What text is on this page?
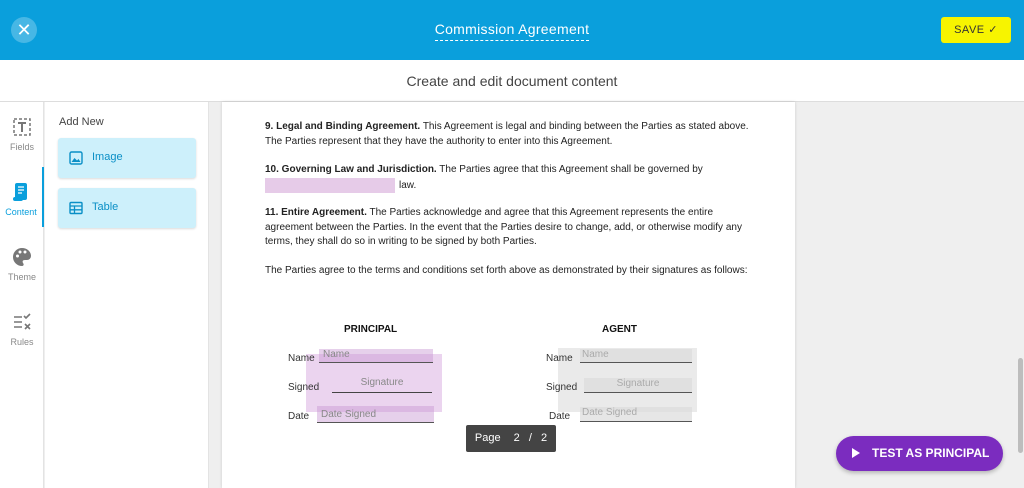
✕	Commission Agreement	SAVE ✓
Create and edit document content
Fields
Content
Theme
Rules
Add New
Image
Table
9. Legal and Binding Agreement. This Agreement is legal and binding between the Parties as stated above. The Parties represent that they have the authority to enter into this Agreement.
10. Governing Law and Jurisdiction. The Parties agree that this Agreement shall be governed by
law.
11. Entire Agreement. The Parties acknowledge and agree that this Agreement represents the entire agreement between the Parties. In the event that the Parties desire to change, add, or otherwise modify any terms, they shall do so in writing to be signed by both Parties.
The Parties agree to the terms and conditions set forth above as demonstrated by their signatures as follows:
PRINCIPAL
Name Name
Signed	Signature
Date	Date Signed
AGENT
Name Name
Signed	Signature
Date Date Signed
Page 2 / 2
TEST AS PRINCIPAL
